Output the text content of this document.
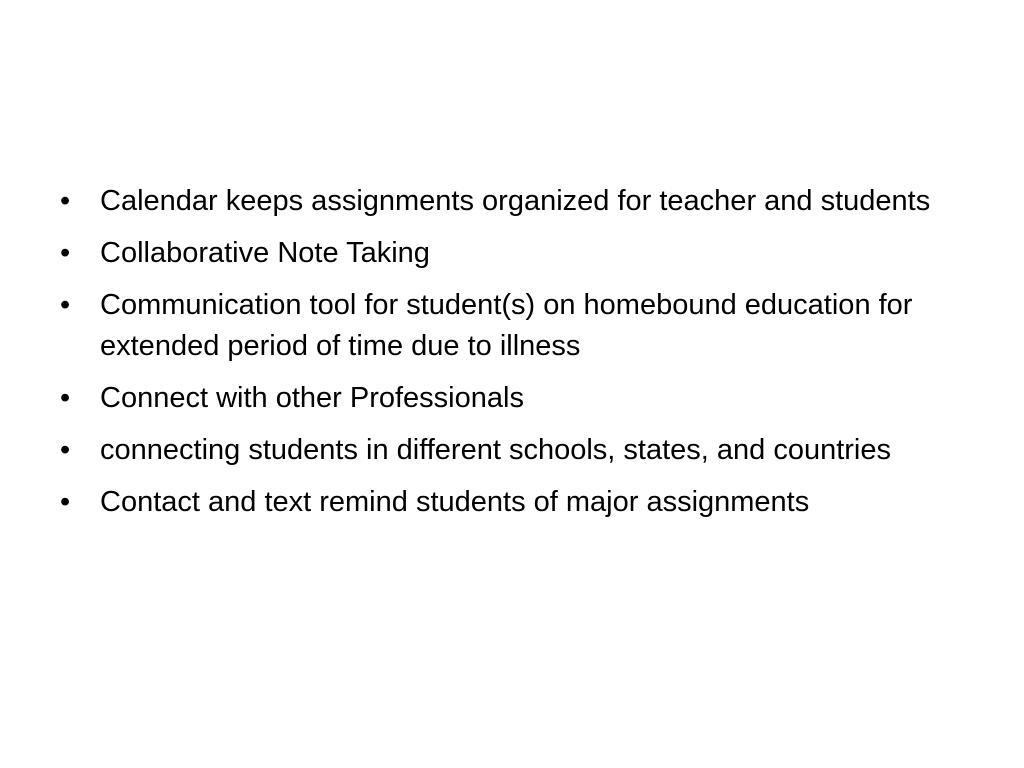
•	Calendar keeps assignments organized for teacher and students
•	Collaborative Note Taking
•	Communication tool for student(s) on homebound education for extended period of time due to illness
•	Connect with other Professionals
•	connecting students in different schools, states, and countries
•	Contact and text remind students of major assignments
